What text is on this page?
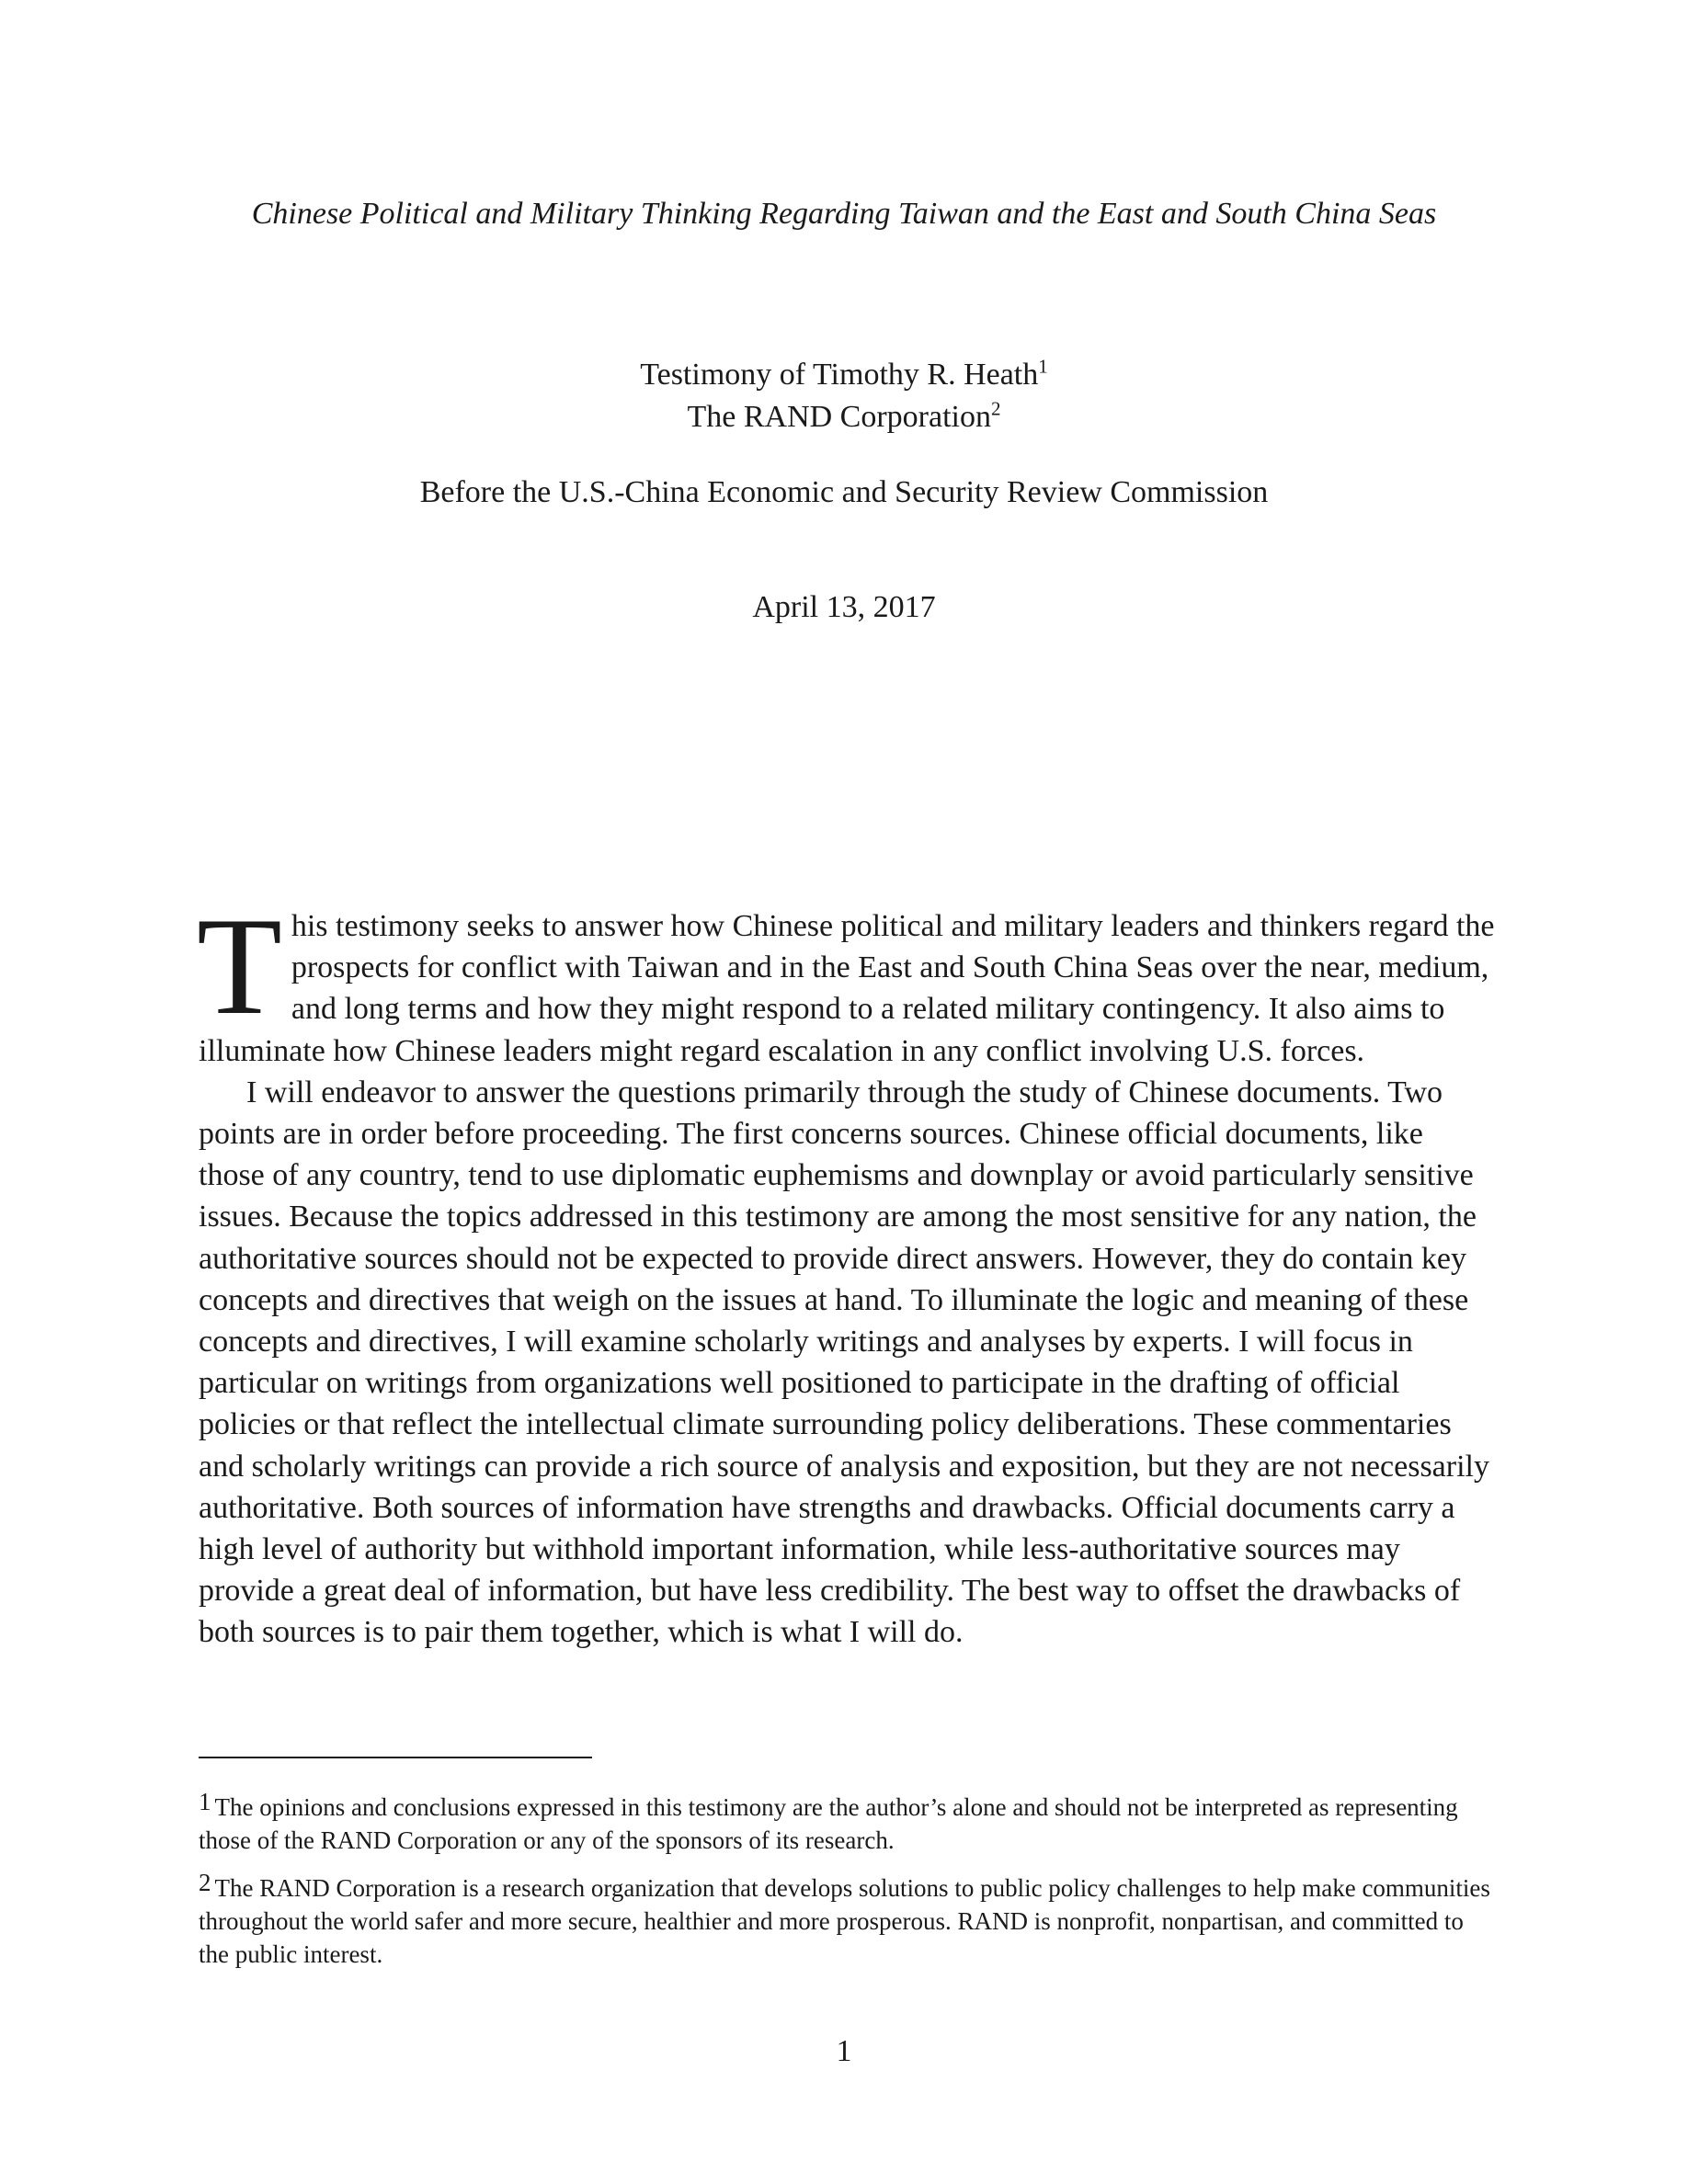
Chinese Political and Military Thinking Regarding Taiwan and the East and South China Seas
Testimony of Timothy R. Heath$^1$
The RAND Corporation$^2$
Before the U.S.-China Economic and Security Review Commission
April 13, 2017

This testimony seeks to answer how Chinese political and military leaders and thinkers regard the prospects for conflict with Taiwan and in the East and South China Seas over the near, medium, and long terms and how they might respond to a related military contingency. It also aims to illuminate how Chinese leaders might regard escalation in any conflict involving U.S. forces.

I will endeavor to answer the questions primarily through the study of Chinese documents. Two points are in order before proceeding. The first concerns sources. Chinese official documents, like those of any country, tend to use diplomatic euphemisms and downplay or avoid particularly sensitive issues. Because the topics addressed in this testimony are among the most sensitive for any nation, the authoritative sources should not be expected to provide direct answers. However, they do contain key concepts and directives that weigh on the issues at hand. To illuminate the logic and meaning of these concepts and directives, I will examine scholarly writings and analyses by experts. I will focus in particular on writings from organizations well positioned to participate in the drafting of official policies or that reflect the intellectual climate surrounding policy deliberations. These commentaries and scholarly writings can provide a rich source of analysis and exposition, but they are not necessarily authoritative. Both sources of information have strengths and drawbacks. Official documents carry a high level of authority but withhold important information, while less-authoritative sources may provide a great deal of information, but have less credibility. The best way to offset the drawbacks of both sources is to pair them together, which is what I will do.

1 The opinions and conclusions expressed in this testimony are the author’s alone and should not be interpreted as representing those of the RAND Corporation or any of the sponsors of its research.

2 The RAND Corporation is a research organization that develops solutions to public policy challenges to help make communities throughout the world safer and more secure, healthier and more prosperous. RAND is nonprofit, nonpartisan, and committed to the public interest.

1
